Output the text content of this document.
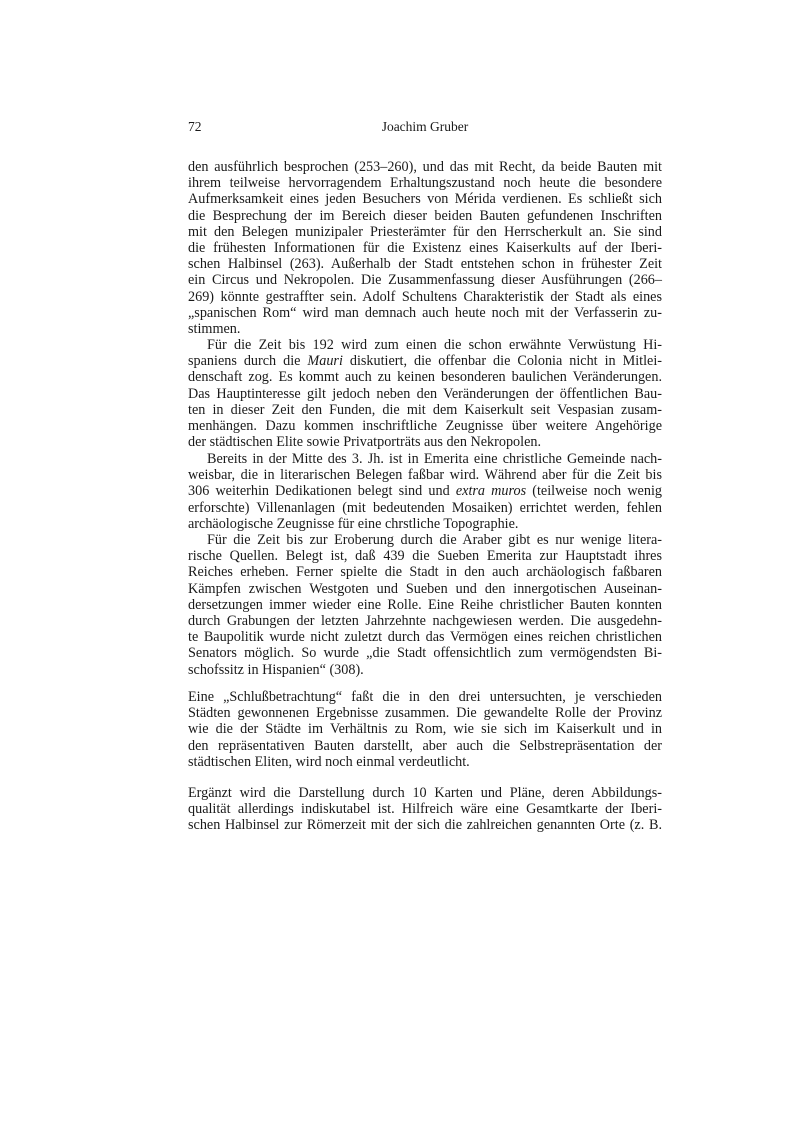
72	Joachim Gruber
den ausführlich besprochen (253–260), und das mit Recht, da beide Bauten mit
ihrem teilweise hervorragendem Erhaltungszustand noch heute die besondere
Aufmerksamkeit eines jeden Besuchers von Mérida verdienen. Es schließt sich
die Besprechung der im Bereich dieser beiden Bauten gefundenen Inschriften
mit den Belegen munizipaler Priesterämter für den Herrscherkult an. Sie sind
die frühesten Informationen für die Existenz eines Kaiserkults auf der Iberi-
schen Halbinsel (263). Außerhalb der Stadt entstehen schon in frühester Zeit
ein Circus und Nekropolen. Die Zusammenfassung dieser Ausführungen (266–
269) könnte gestraffter sein. Adolf Schultens Charakteristik der Stadt als eines
„spanischen Rom“ wird man demnach auch heute noch mit der Verfasserin zu-
stimmen.
Für die Zeit bis 192 wird zum einen die schon erwähnte Verwüstung Hi-
spaniens durch die Mauri diskutiert, die offenbar die Colonia nicht in Mitlei-
denschaft zog. Es kommt auch zu keinen besonderen baulichen Veränderungen.
Das Hauptinteresse gilt jedoch neben den Veränderungen der öffentlichen Bau-
ten in dieser Zeit den Funden, die mit dem Kaiserkult seit Vespasian zusam-
menhängen. Dazu kommen inschriftliche Zeugnisse über weitere Angehörige
der städtischen Elite sowie Privatporträts aus den Nekropolen.
Bereits in der Mitte des 3. Jh. ist in Emerita eine christliche Gemeinde nach-
weisbar, die in literarischen Belegen faßbar wird. Während aber für die Zeit bis
306 weiterhin Dedikationen belegt sind und extra muros (teilweise noch wenig
erforschte) Villenanlagen (mit bedeutenden Mosaiken) errichtet werden, fehlen
archäologische Zeugnisse für eine chrstliche Topographie.
Für die Zeit bis zur Eroberung durch die Araber gibt es nur wenige litera-
rische Quellen. Belegt ist, daß 439 die Sueben Emerita zur Hauptstadt ihres
Reiches erheben. Ferner spielte die Stadt in den auch archäologisch faßbaren
Kämpfen zwischen Westgoten und Sueben und den innergotischen Auseinan-
dersetzungen immer wieder eine Rolle. Eine Reihe christlicher Bauten konnten
durch Grabungen der letzten Jahrzehnte nachgewiesen werden. Die ausgedehn-
te Baupolitik wurde nicht zuletzt durch das Vermögen eines reichen christlichen
Senators möglich. So wurde „die Stadt offensichtlich zum vermögendsten Bi-
schofssitz in Hispanien“ (308).
Eine „Schlußbetrachtung“ faßt die in den drei untersuchten, je verschieden
Städten gewonnenen Ergebnisse zusammen. Die gewandelte Rolle der Provinz
wie die der Städte im Verhältnis zu Rom, wie sie sich im Kaiserkult und in
den repräsentativen Bauten darstellt, aber auch die Selbstrepräsentation der
städtischen Eliten, wird noch einmal verdeutlicht.
Ergänzt wird die Darstellung durch 10 Karten und Pläne, deren Abbildungs-
qualität allerdings indiskutabel ist. Hilfreich wäre eine Gesamtkarte der Iberi-
schen Halbinsel zur Römerzeit mit der sich die zahlreichen genannten Orte (z. B.
